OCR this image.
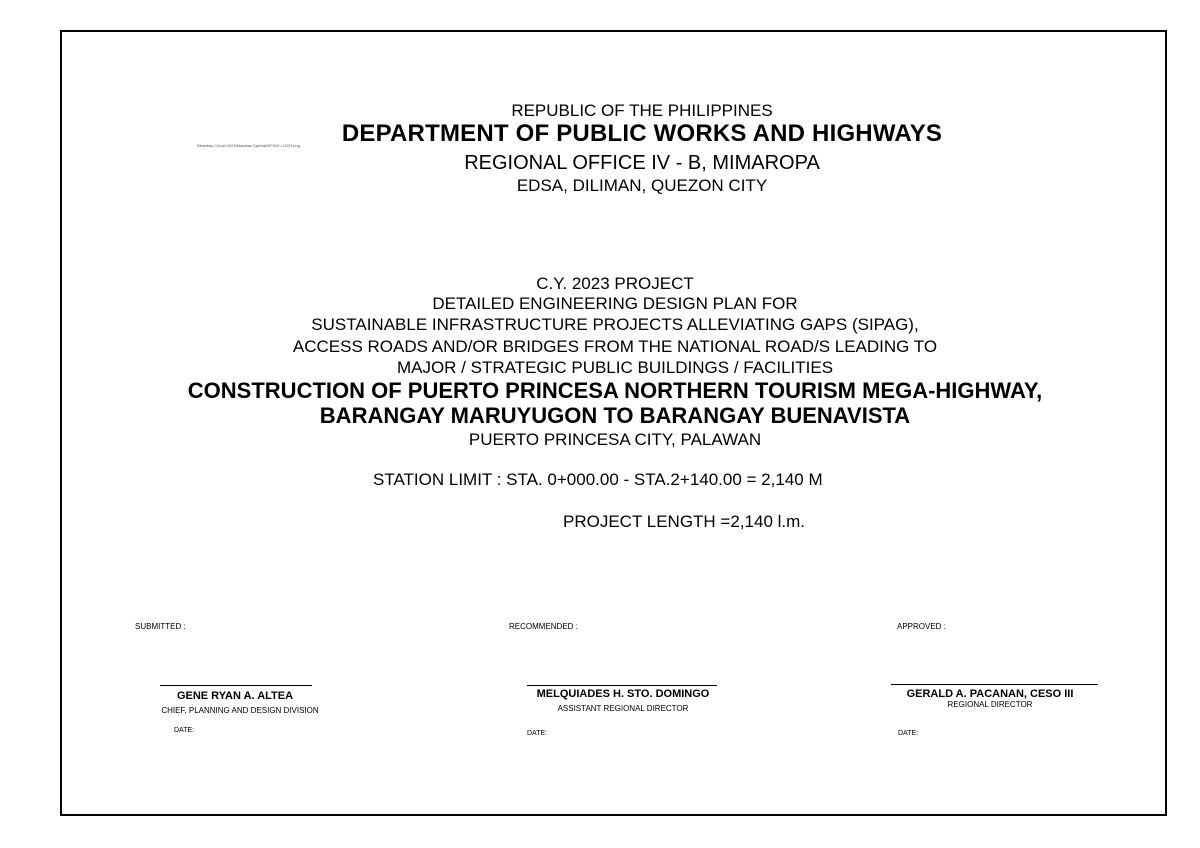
\Malabas Circuit 2023\Malabas Special\DPWH LOGO.png
REPUBLIC OF THE PHILIPPINES
DEPARTMENT OF PUBLIC WORKS AND HIGHWAYS
REGIONAL OFFICE IV - B, MIMAROPA
EDSA, DILIMAN, QUEZON CITY
C.Y. 2023 PROJECT
DETAILED ENGINEERING DESIGN PLAN FOR
SUSTAINABLE INFRASTRUCTURE PROJECTS ALLEVIATING GAPS (SIPAG),
ACCESS ROADS AND/OR BRIDGES FROM THE NATIONAL ROAD/S LEADING TO
MAJOR / STRATEGIC PUBLIC BUILDINGS / FACILITIES
CONSTRUCTION OF PUERTO PRINCESA NORTHERN TOURISM MEGA-HIGHWAY,
BARANGAY MARUYUGON TO BARANGAY BUENAVISTA
PUERTO PRINCESA CITY, PALAWAN
STATION LIMIT : STA. 0+000.00 - STA.2+140.00 = 2,140 M
PROJECT LENGTH =2,140 l.m.
SUBMITTED :
GENE RYAN A. ALTEA
CHIEF, PLANNING AND DESIGN DIVISION
DATE:
RECOMMENDED :
MELQUIADES H. STO. DOMINGO
ASSISTANT REGIONAL DIRECTOR
DATE:
APPROVED :
GERALD A. PACANAN, CESO III
REGIONAL DIRECTOR
DATE:
